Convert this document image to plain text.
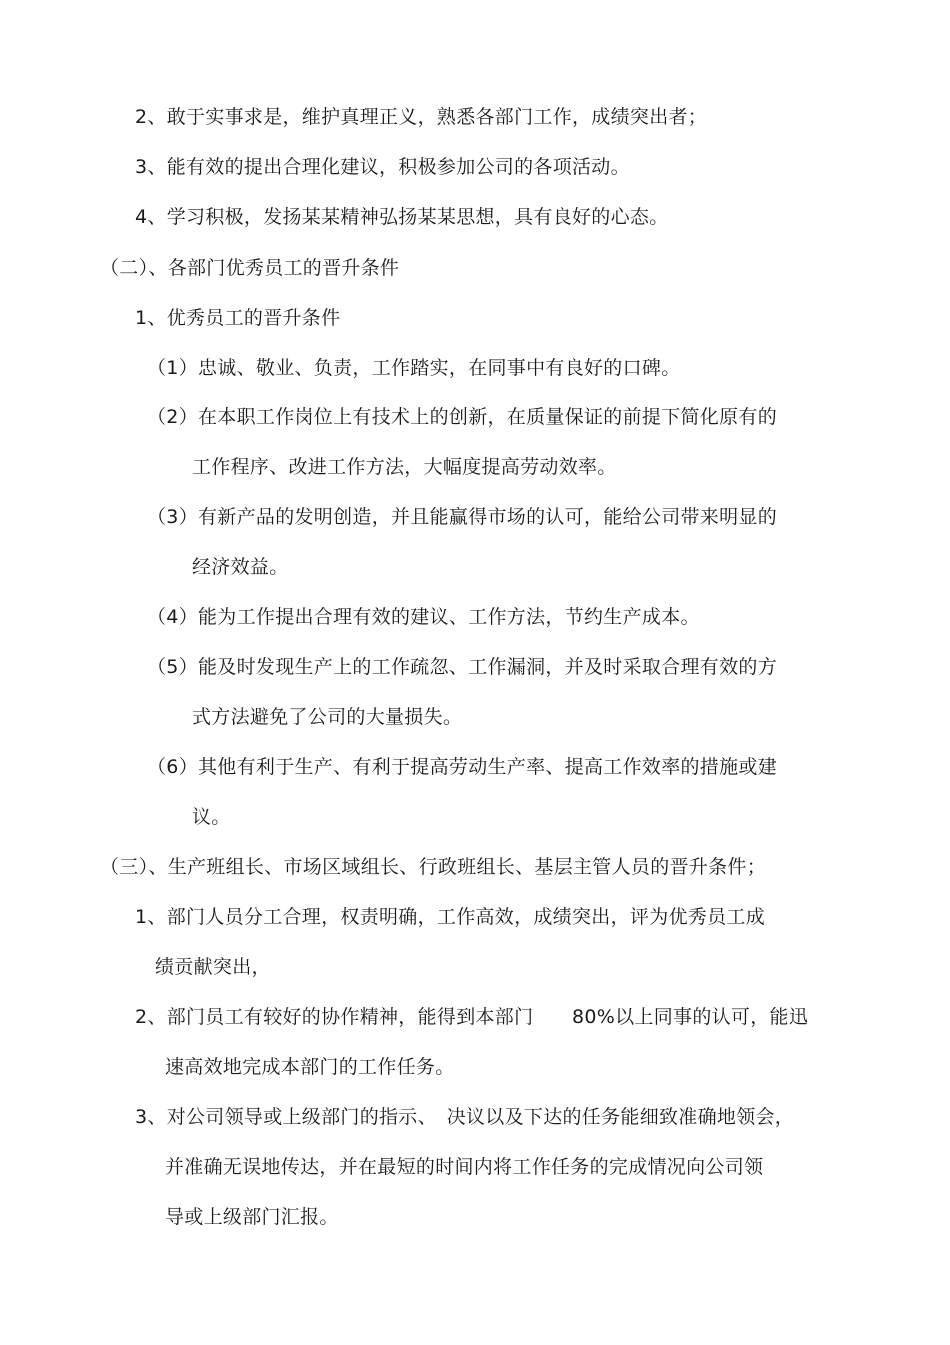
2、敢于实事求是，维护真理正义，熟悉各部门工作，成绩突出者；
3、能有效的提出合理化建议，积极参加公司的各项活动。
4、学习积极，发扬某某精神弘扬某某思想，具有良好的心态。
（二）、各部门优秀员工的晋升条件
1、优秀员工的晋升条件
（1）忠诚、敬业、负责，工作踏实，在同事中有良好的口碑。
（2）在本职工作岗位上有技术上的创新，在质量保证的前提下简化原有的
工作程序、改进工作方法，大幅度提高劳动效率。
（3）有新产品的发明创造，并且能赢得市场的认可，能给公司带来明显的
经济效益。
（4）能为工作提出合理有效的建议、工作方法，节约生产成本。
（5）能及时发现生产上的工作疏忽、工作漏洞，并及时采取合理有效的方
式方法避免了公司的大量损失。
（6）其他有利于生产、有利于提高劳动生产率、提高工作效率的措施或建
议。
（三）、生产班组长、市场区域组长、行政班组长、基层主管人员的晋升条件；
1、部门人员分工合理，权责明确，工作高效，成绩突出，评为优秀员工成
绩贡献突出，
2、部门员工有较好的协作精神，能得到本部门　　80%以上同事的认可，能迅
速高效地完成本部门的工作任务。
3、对公司领导或上级部门的指示、　决议以及下达的任务能细致准确地领会，
并准确无误地传达，并在最短的时间内将工作任务的完成情况向公司领
导或上级部门汇报。
